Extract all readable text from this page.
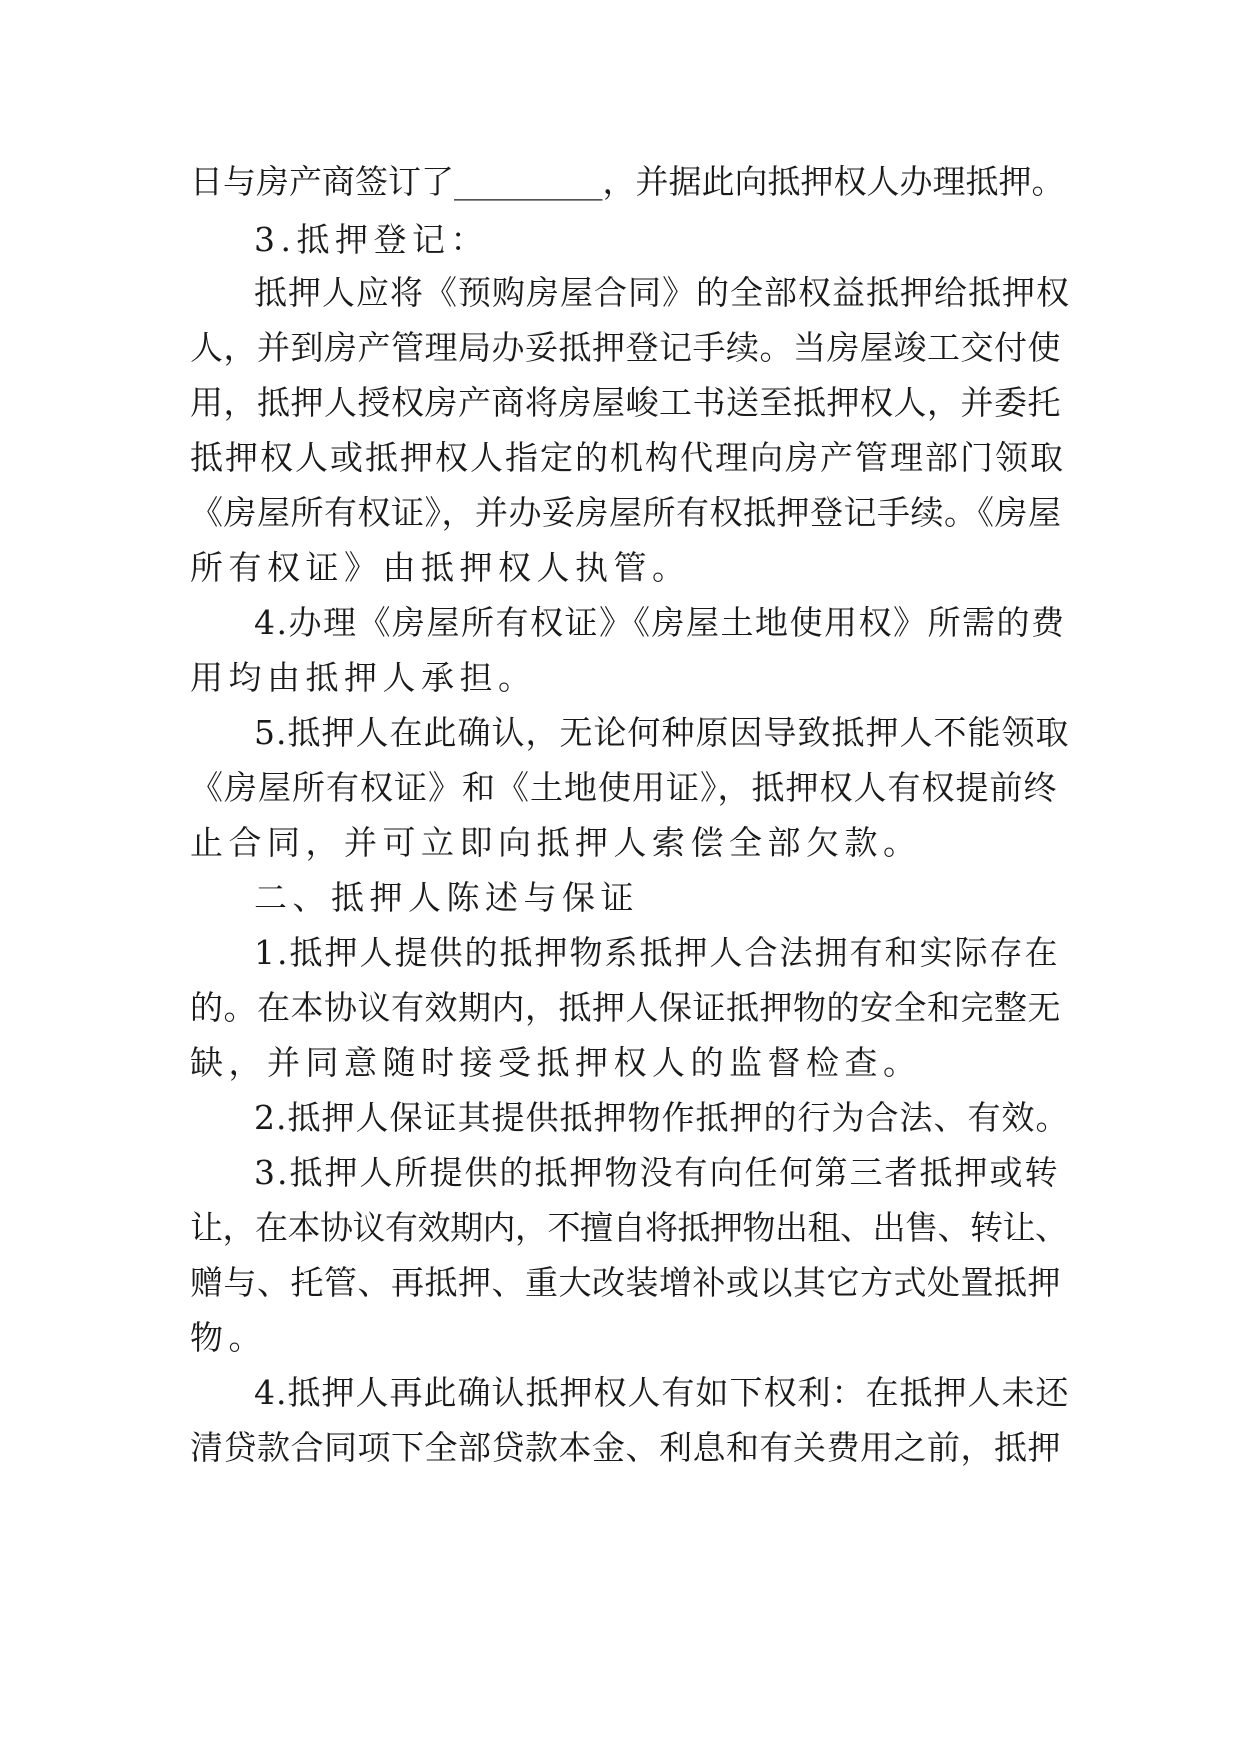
日与房产商签订了_________，并据此向抵押权人办理抵押。
3.抵押登记：
抵押人应将《预购房屋合同》的全部权益抵押给抵押权
人，并到房产管理局办妥抵押登记手续。当房屋竣工交付使
用，抵押人授权房产商将房屋峻工书送至抵押权人，并委托
抵押权人或抵押权人指定的机构代理向房产管理部门领取
《房屋所有权证》，并办妥房屋所有权抵押登记手续。《房屋
所有权证》由抵押权人执管。
4.办理《房屋所有权证》《房屋土地使用权》所需的费
用均由抵押人承担。
5.抵押人在此确认，无论何种原因导致抵押人不能领取
《房屋所有权证》和《土地使用证》，抵押权人有权提前终
止合同，并可立即向抵押人索偿全部欠款。
二、抵押人陈述与保证
1.抵押人提供的抵押物系抵押人合法拥有和实际存在
的。在本协议有效期内，抵押人保证抵押物的安全和完整无
缺，并同意随时接受抵押权人的监督检查。
2.抵押人保证其提供抵押物作抵押的行为合法、有效。
3.抵押人所提供的抵押物没有向任何第三者抵押或转
让，在本协议有效期内，不擅自将抵押物出租、出售、转让、
赠与、托管、再抵押、重大改装增补或以其它方式处置抵押
物。
4.抵押人再此确认抵押权人有如下权利：在抵押人未还
清贷款合同项下全部贷款本金、利息和有关费用之前，抵押
